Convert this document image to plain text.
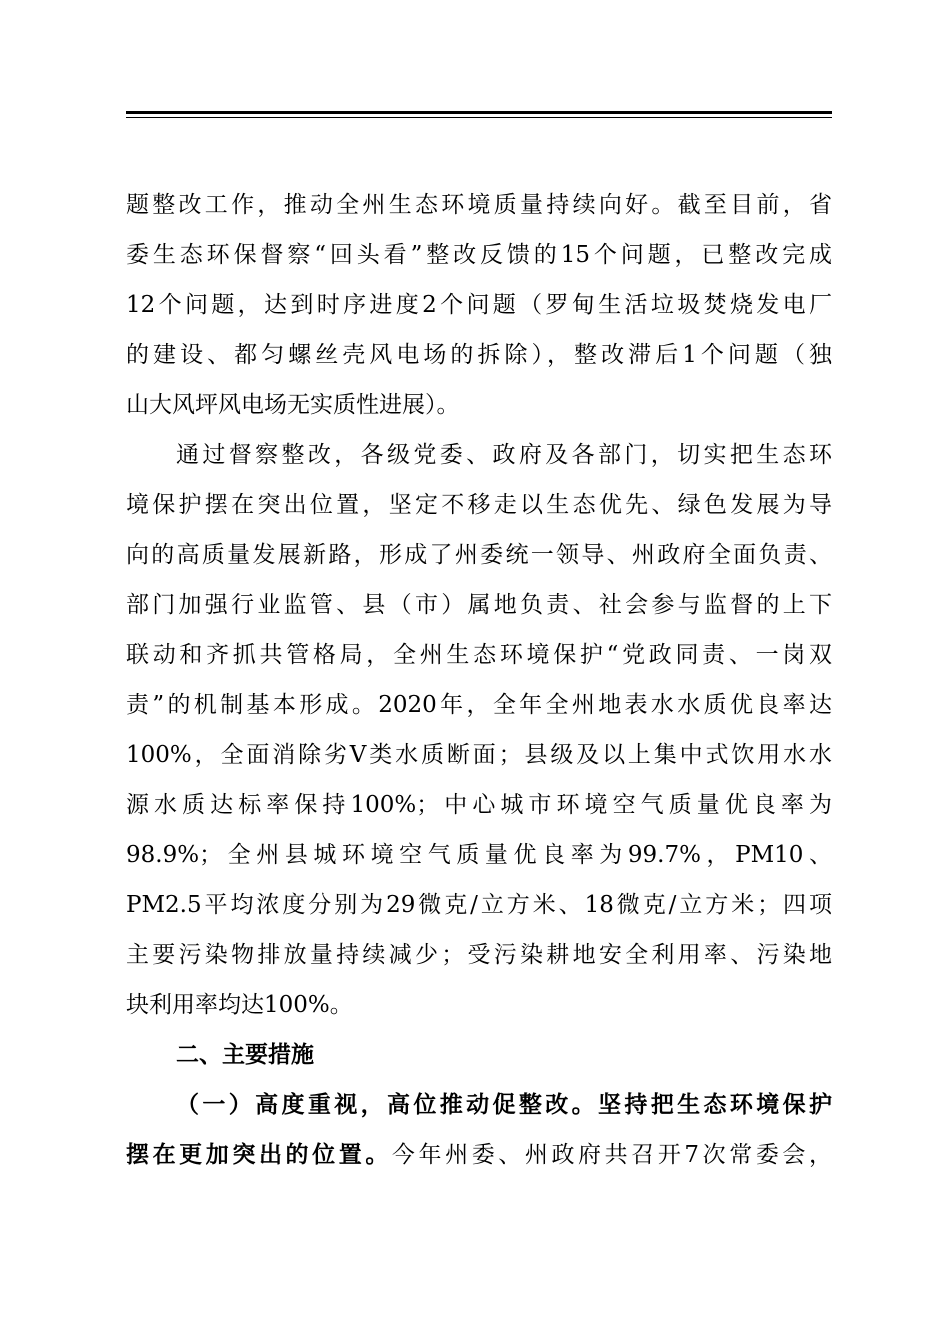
题整改工作，推动全州生态环境质量持续向好。截至目前，省
委生态环保督察“回头看”整改反馈的15个问题，已整改完成
12个问题，达到时序进度2个问题（罗甸生活垃圾焚烧发电厂
的建设、都匀螺丝壳风电场的拆除），整改滞后1个问题（独
山大风坪风电场无实质性进展）。
通过督察整改，各级党委、政府及各部门，切实把生态环
境保护摆在突出位置，坚定不移走以生态优先、绿色发展为导
向的高质量发展新路，形成了州委统一领导、州政府全面负责、
部门加强行业监管、县（市）属地负责、社会参与监督的上下
联动和齐抓共管格局，全州生态环境保护“党政同责、一岗双
责”的机制基本形成。2020年，全年全州地表水水质优良率达
100%，全面消除劣Ⅴ类水质断面；县级及以上集中式饮用水水
源水质达标率保持100%；中心城市环境空气质量优良率为
98.9%；全州县城环境空气质量优良率为99.7%，PM10、
PM2.5平均浓度分别为29微克/立方米、18微克/立方米；四项
主要污染物排放量持续减少；受污染耕地安全利用率、污染地
块利用率均达100%。
二、主要措施
（一）高度重视，高位推动促整改。坚持把生态环境保护
摆在更加突出的位置。今年州委、州政府共召开7次常委会，
